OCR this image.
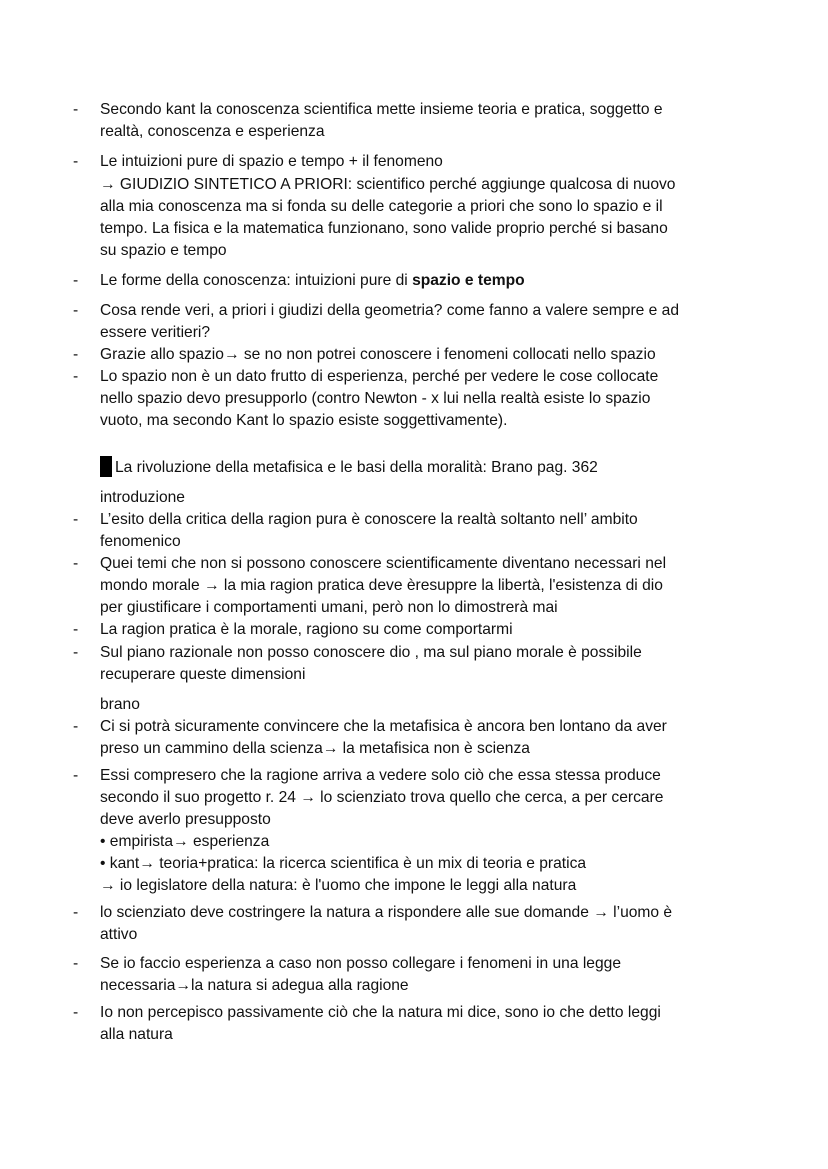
- Secondo kant la conoscenza scientifica mette insieme teoria e pratica, soggetto e
realtà, conoscenza e esperienza
- Le intuizioni pure di spazio e tempo + il fenomeno
→ GIUDIZIO SINTETICO A PRIORI: scientifico perché aggiunge qualcosa di nuovo
alla mia conoscenza ma si fonda su delle categorie a priori che sono lo spazio e il
tempo. La fisica e la matematica funzionano, sono valide proprio perché si basano
su spazio e tempo
- Le forme della conoscenza: intuizioni pure di spazio e tempo
- Cosa rende veri, a priori i giudizi della geometria? come fanno a valere sempre e ad
essere veritieri?
- Grazie allo spazio→ se no non potrei conoscere i fenomeni collocati nello spazio
- Lo spazio non è un dato frutto di esperienza, perché per vedere le cose collocate
nello spazio devo presupporlo (contro Newton - x lui nella realtà esiste lo spazio
vuoto, ma secondo Kant lo spazio esiste soggettivamente).
La rivoluzione della metafisica e le basi della moralità: Brano pag. 362
introduzione
- L’esito della critica della ragion pura è conoscere la realtà soltanto nell’ ambito
fenomenico
- Quei temi che non si possono conoscere scientificamente diventano necessari nel
mondo morale → la mia ragion pratica deve èresuppre la libertà, l'esistenza di dio
per giustificare i comportamenti umani, però non lo dimostrerà mai
- La ragion pratica è la morale, ragiono su come comportarmi
- Sul piano razionale non posso conoscere dio , ma sul piano morale è possibile
recuperare queste dimensioni
brano
- Ci si potrà sicuramente convincere che la metafisica è ancora ben lontano da aver
preso un cammino della scienza→ la metafisica non è scienza
- Essi compresero che la ragione arriva a vedere solo ciò che essa stessa produce
secondo il suo progetto r. 24 → lo scienziato trova quello che cerca, a per cercare
deve averlo presupposto
• empirista→ esperienza
• kant→ teoria+pratica: la ricerca scientifica è un mix di teoria e pratica
→ io legislatore della natura: è l'uomo che impone le leggi alla natura
- lo scienziato deve costringere la natura a rispondere alle sue domande → l’uomo è
attivo
- Se io faccio esperienza a caso non posso collegare i fenomeni in una legge
necessaria→la natura si adegua alla ragione
- Io non percepisco passivamente ciò che la natura mi dice, sono io che detto leggi
alla natura
